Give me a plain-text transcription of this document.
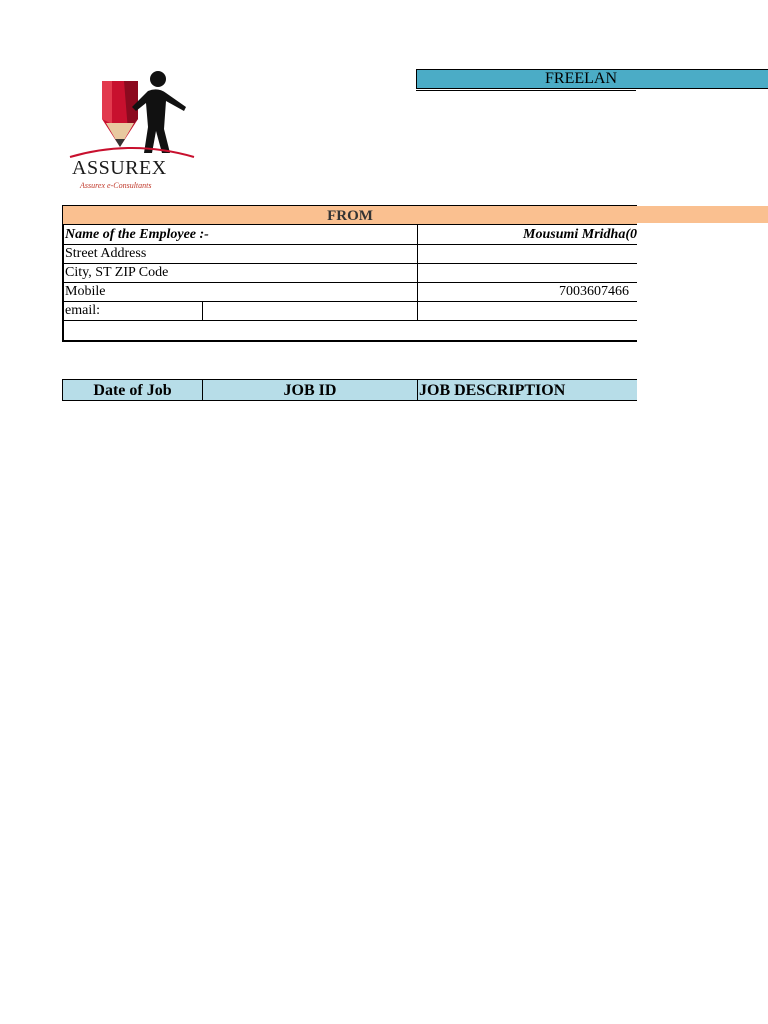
ASSUREX
Assurex e-Consultants
FREELAN
FROM
Name of the Employee :-	Mousumi Mridha(0
Street Address
City, ST ZIP Code
Mobile	7003607466
email:
Date of Job	JOB ID	JOB DESCRIPTION
